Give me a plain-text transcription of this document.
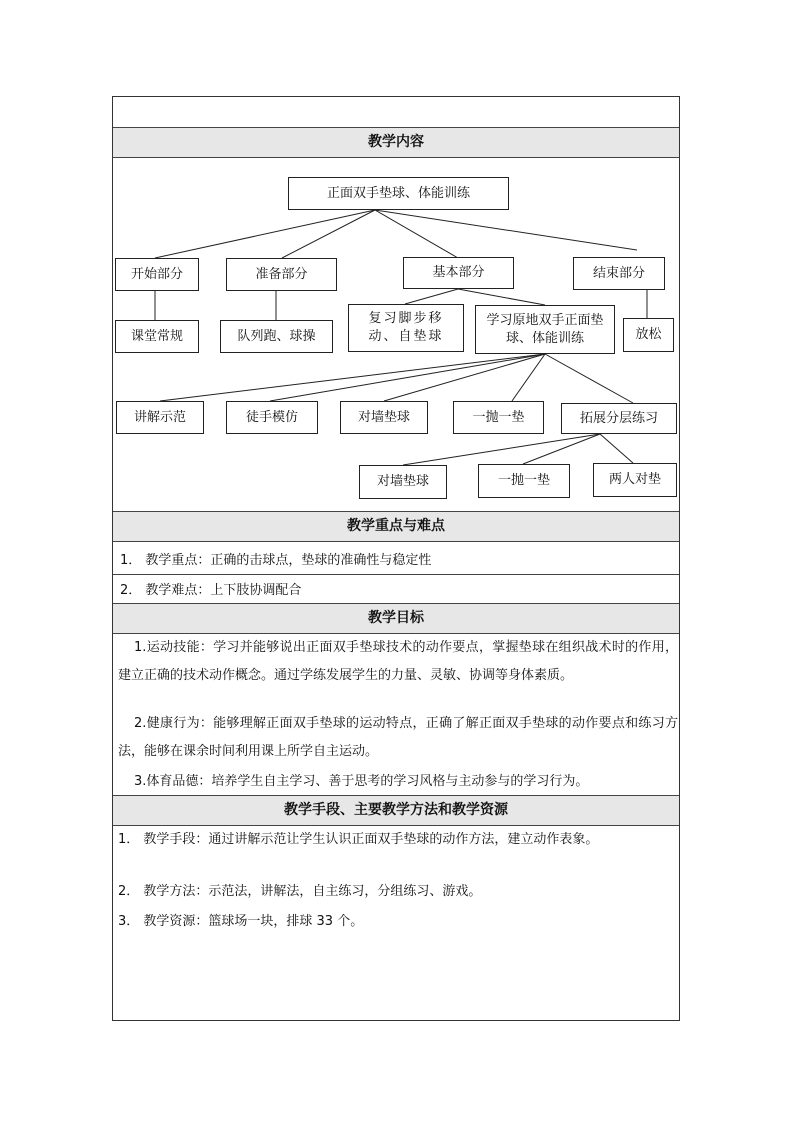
教学内容
教学重点与难点
教学目标
教学手段、主要教学方法和教学资源
正面双手垫球、体能训练
开始部分	准备部分	基本部分	结束部分
课堂常规	队列跑、球操
复习脚步移动、自垫球
学习原地双手正面垫球、体能训练	放松
讲解示范	徒手模仿	对墙垫球	一抛一垫	拓展分层练习
对墙垫球	一抛一垫	两人对垫
1． 教学重点：正确的击球点，垫球的准确性与稳定性
2． 教学难点：上下肢协调配合
1.运动技能：学习并能够说出正面双手垫球技术的动作要点，掌握垫球在组织战术时的作用，建立正确的技术动作概念。通过学练发展学生的力量、灵敏、协调等身体素质。
2.健康行为：能够理解正面双手垫球的运动特点，正确了解正面双手垫球的动作要点和练习方法，能够在课余时间利用课上所学自主运动。
3.体育品德：培养学生自主学习、善于思考的学习风格与主动参与的学习行为。
1． 教学手段：通过讲解示范让学生认识正面双手垫球的动作方法，建立动作表象。
2． 教学方法：示范法，讲解法，自主练习，分组练习、游戏。
3． 教学资源：篮球场一块，排球 33 个。
